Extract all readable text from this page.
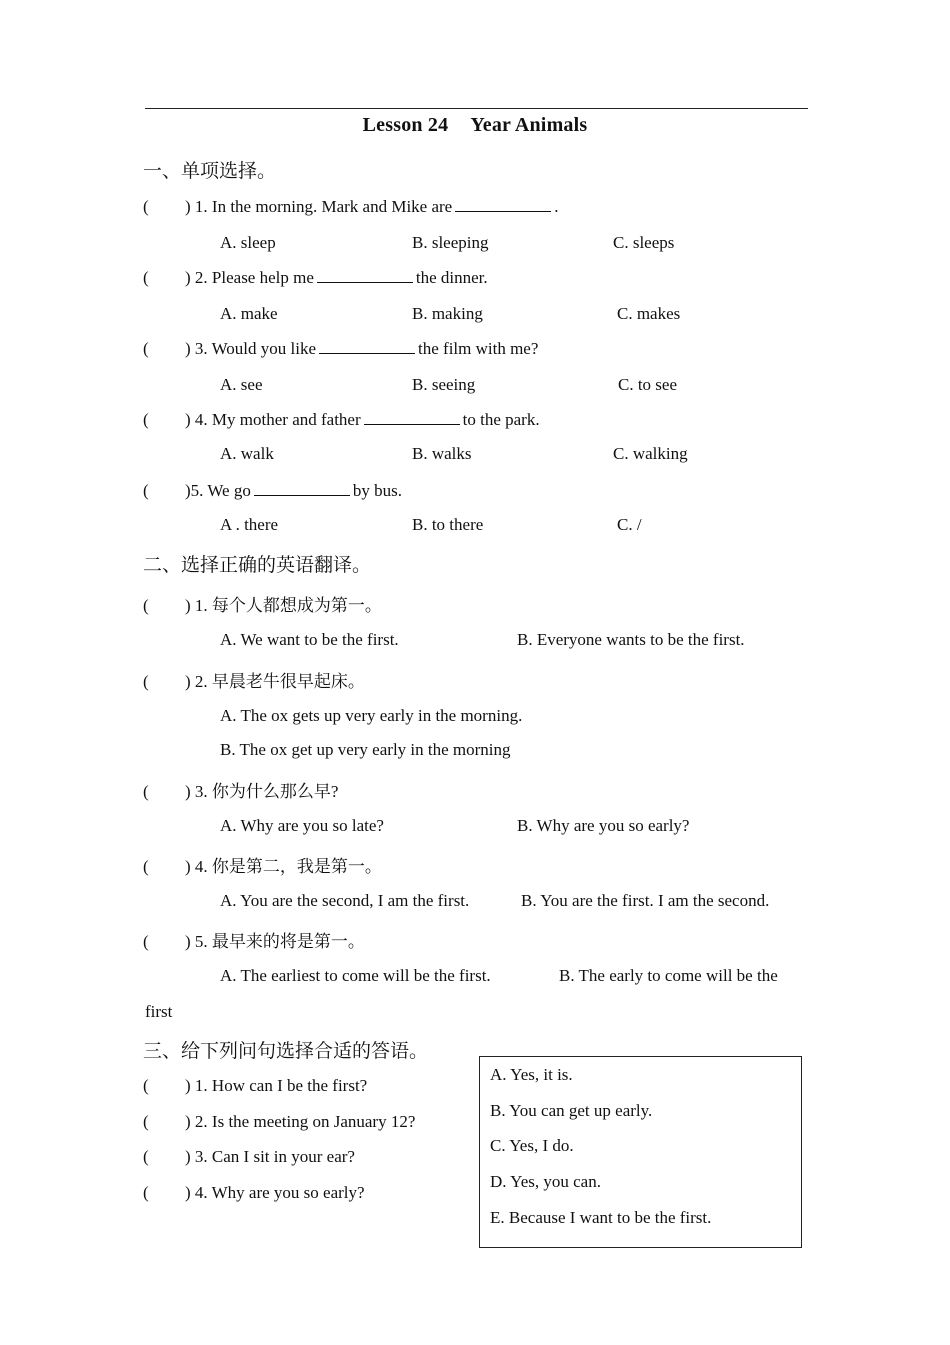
Lesson 24 Year Animals
一、单项选择。
( ) 1. In the morning. Mark and Mike are	.
A. sleep	B. sleeping	C. sleeps
( ) 2. Please help me	the dinner.
A. make	B. making	C. makes
( ) 3. Would you like	the film with me?
A. see	B. seeing	C. to see
( ) 4. My mother and father	to the park.
A. walk	B. walks	C. walking
( )5. We go	by bus.
A . there	B. to there	C. /
二、选择正确的英语翻译。
( ) 1. 每个人都想成为第一。
A. We want to be the first.	B. Everyone wants to be the first.
( ) 2. 早晨老牛很早起床。
A. The ox gets up very early in the morning.
B. The ox get up very early in the morning
( ) 3. 你为什么那么早?
A. Why are you so late?	B. Why are you so early?
( ) 4. 你是第二，我是第一。
A. You are the second, I am the first.	B. You are the first. I am the second.
( ) 5. 最早来的将是第一。
A. The earliest to come will be the first.	B. The early to come will be the
first
三、给下列问句选择合适的答语。
( ) 1. How can I be the first?
( ) 2. Is the meeting on January 12?
( ) 3. Can I sit in your ear?
( ) 4. Why are you so early?
A. Yes, it is.
B. You can get up early.
C. Yes, I do.
D. Yes, you can.
E. Because I want to be the first.
